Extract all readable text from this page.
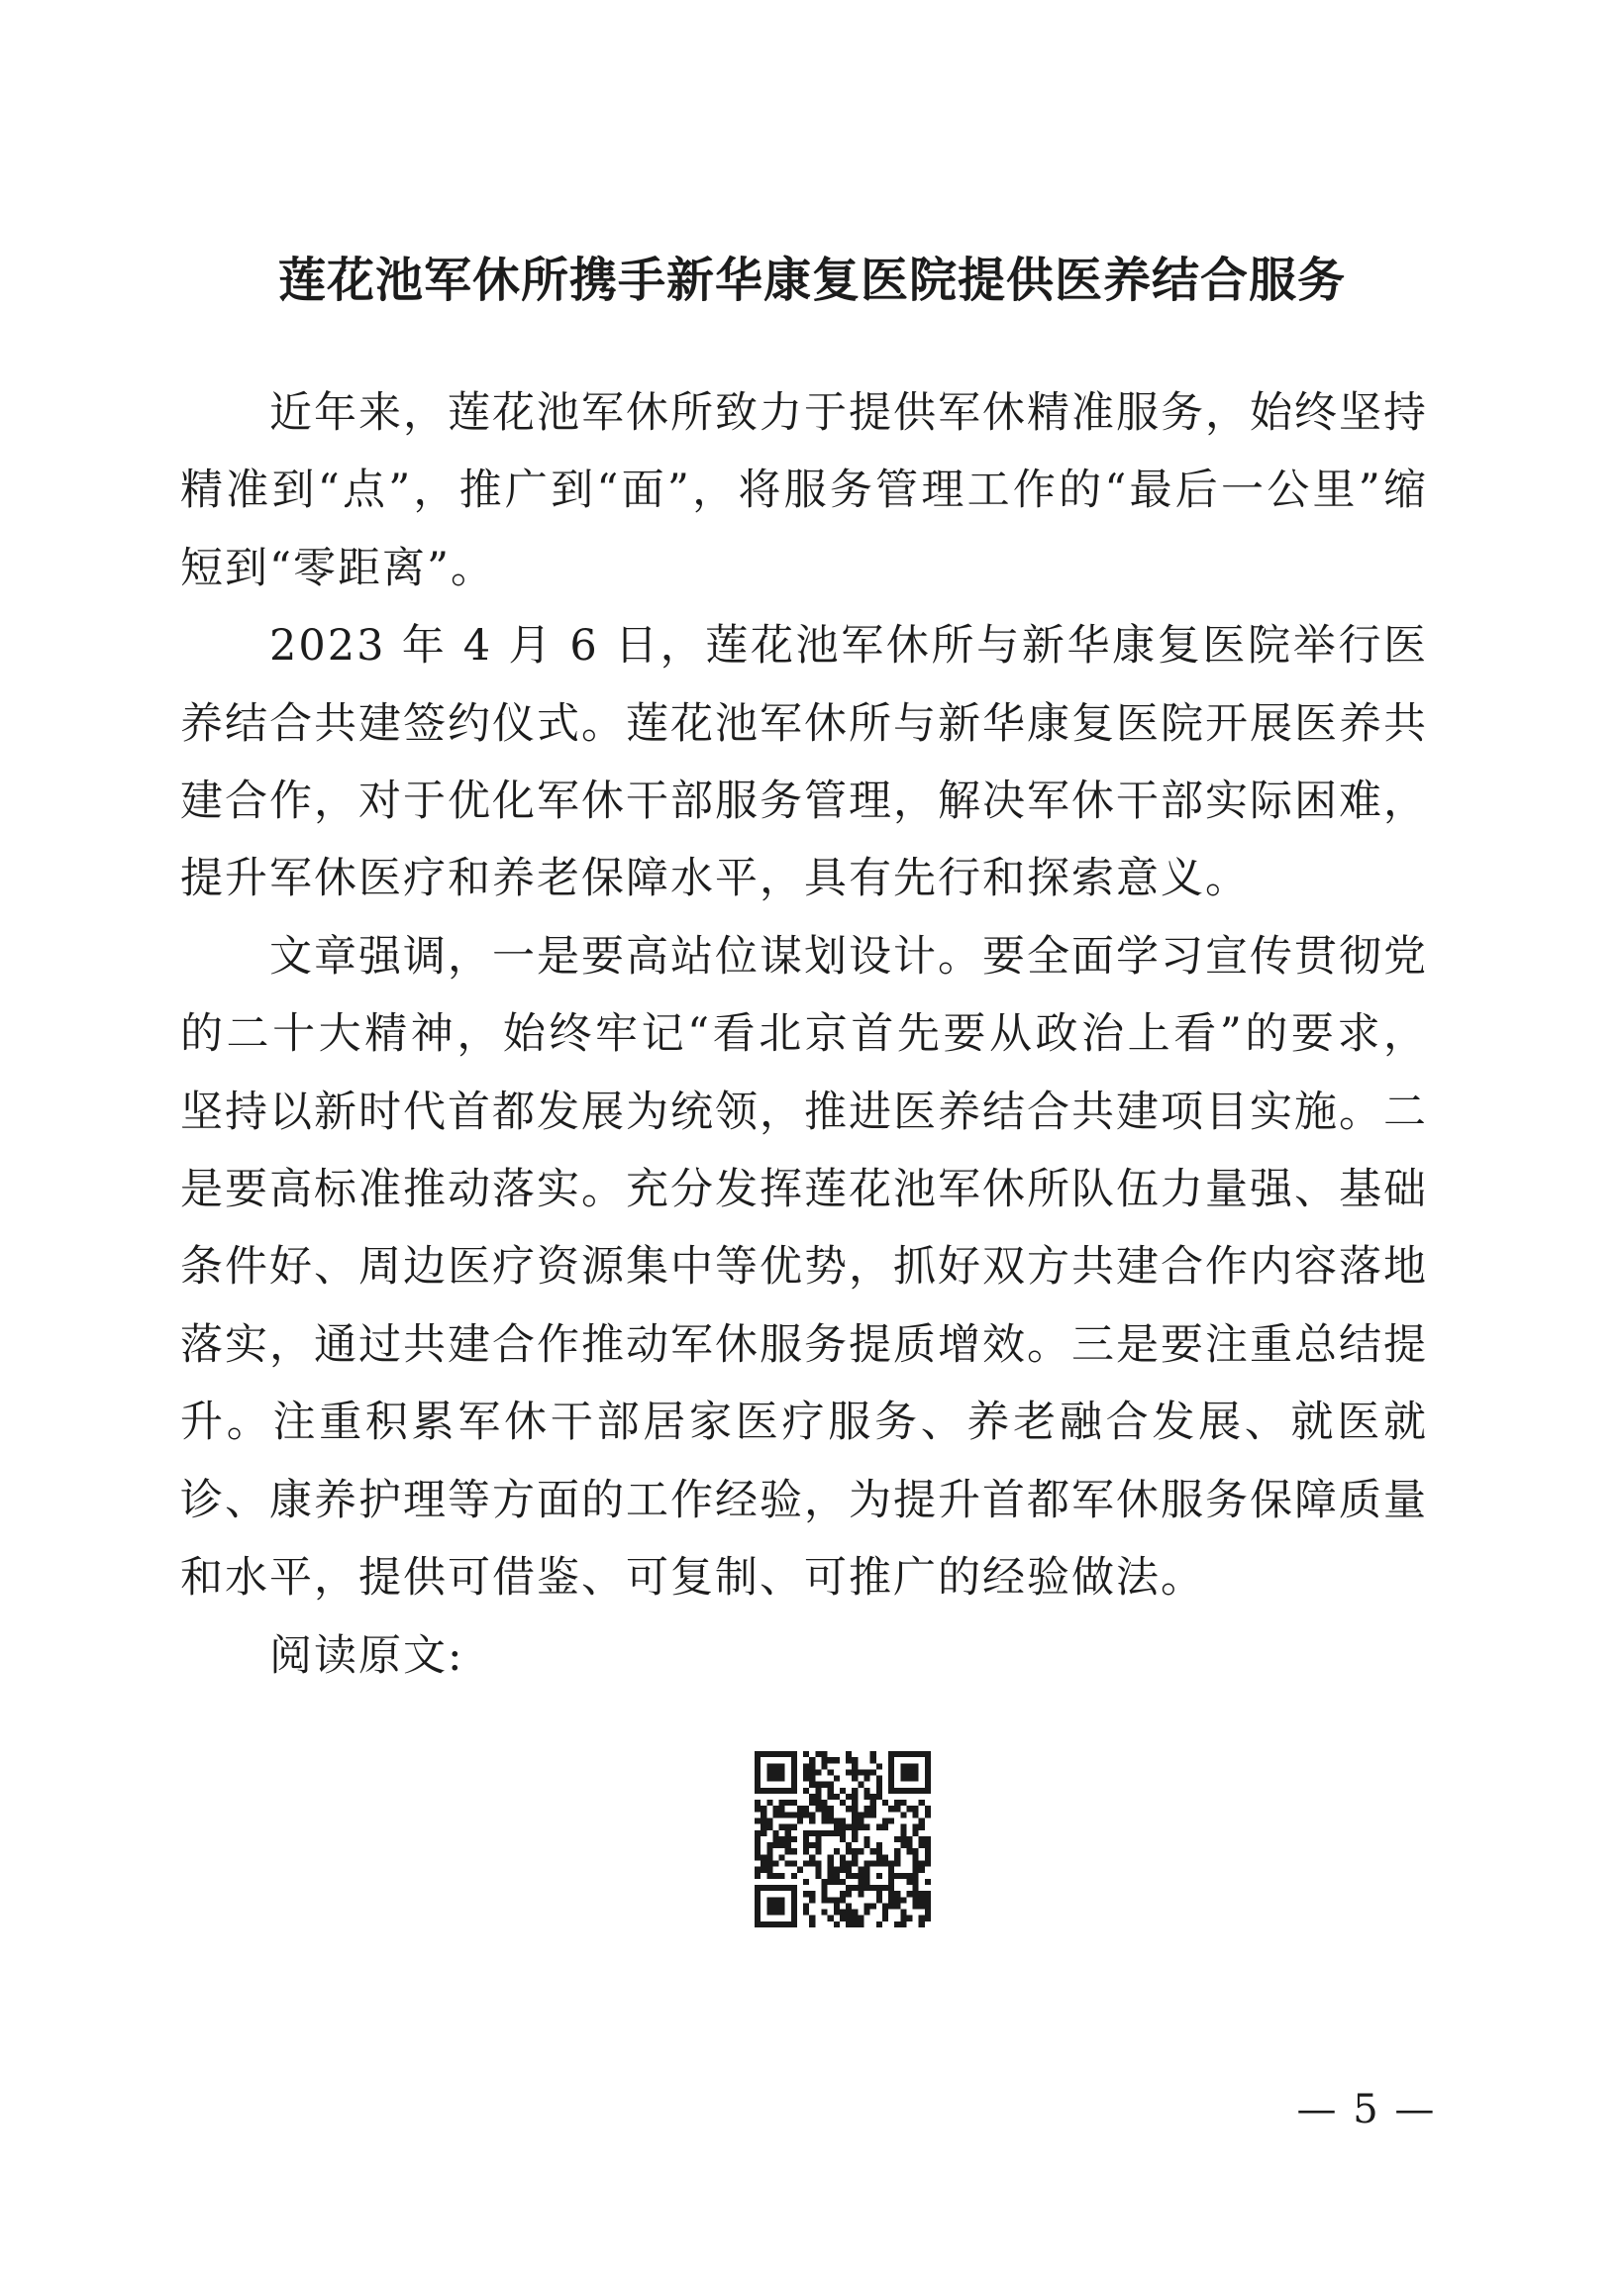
莲花池军休所携手新华康复医院提供医养结合服务

近年来，莲花池军休所致力于提供军休精准服务，始终坚持精准到“点”，推广到“面”，将服务管理工作的“最后一公里”缩短到“零距离”。

2023 年 4 月 6 日，莲花池军休所与新华康复医院举行医养结合共建签约仪式。莲花池军休所与新华康复医院开展医养共建合作，对于优化军休干部服务管理，解决军休干部实际困难，提升军休医疗和养老保障水平，具有先行和探索意义。

文章强调，一是要高站位谋划设计。要全面学习宣传贯彻党的二十大精神，始终牢记“看北京首先要从政治上看”的要求，坚持以新时代首都发展为统领，推进医养结合共建项目实施。二是要高标准推动落实。充分发挥莲花池军休所队伍力量强、基础条件好、周边医疗资源集中等优势，抓好双方共建合作内容落地落实，通过共建合作推动军休服务提质增效。三是要注重总结提升。注重积累军休干部居家医疗服务、养老融合发展、就医就诊、康养护理等方面的工作经验，为提升首都军休服务保障质量和水平，提供可借鉴、可复制、可推广的经验做法。

阅读原文:

— 5 —
